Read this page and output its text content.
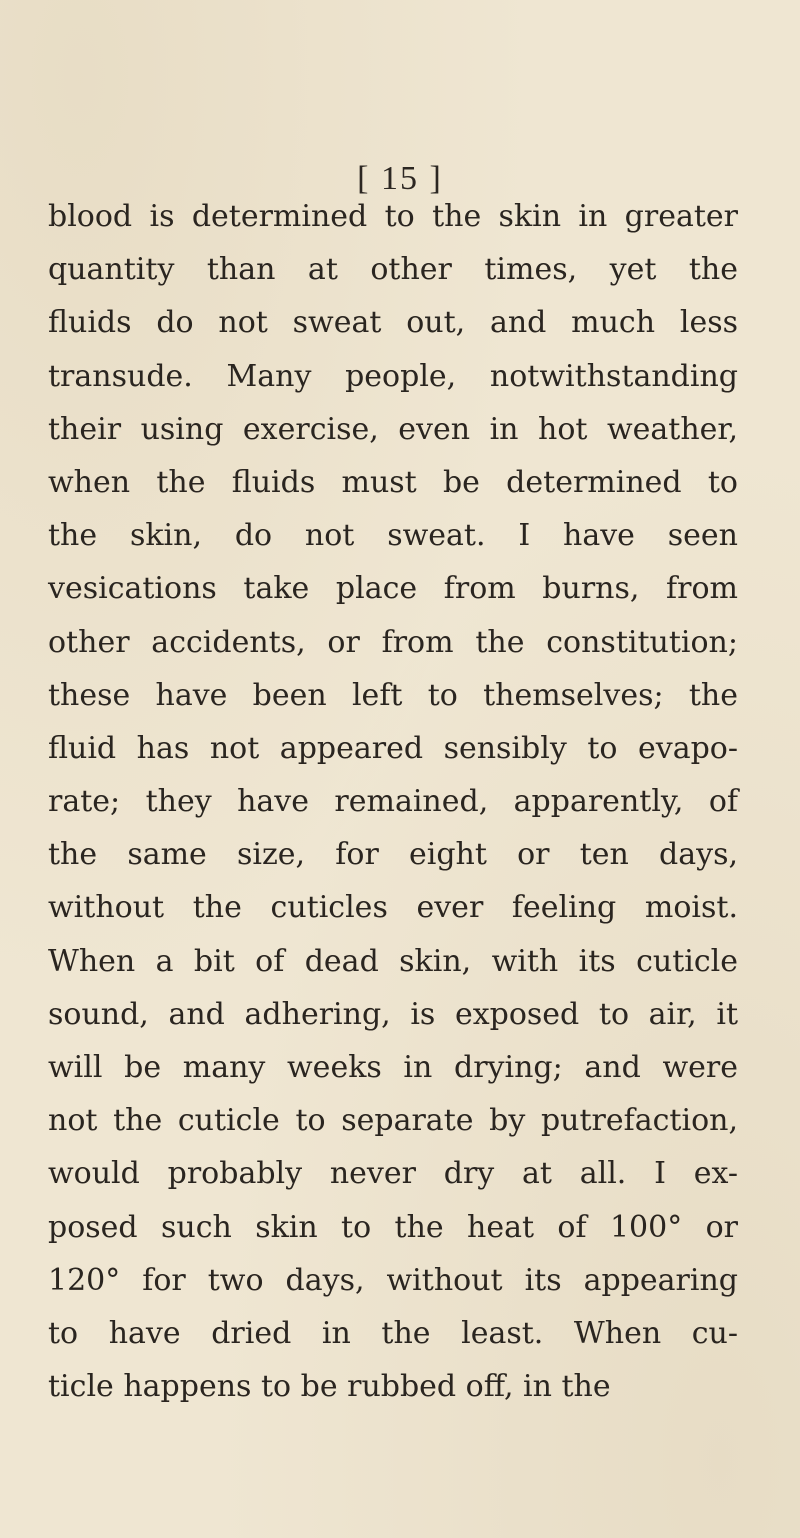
[ 15 ]
blood is determined to the skin in greater
quantity than at other times, yet the
fluids do not sweat out, and much less
transude. Many people, notwithstanding
their using exercise, even in hot weather,
when the fluids must be determined to
the skin, do not sweat. I have seen
vesications take place from burns, from
other accidents, or from the constitution;
these have been left to themselves; the
fluid has not appeared sensibly to evapo-
rate; they have remained, apparently, of
the same size, for eight or ten days,
without the cuticles ever feeling moist.
When a bit of dead skin, with its cuticle
sound, and adhering, is exposed to air, it
will be many weeks in drying; and were
not the cuticle to separate by putrefaction,
would probably never dry at all. I ex-
posed such skin to the heat of 100° or
120° for two days, without its appearing
to have dried in the least. When cu-
ticle happens to be rubbed off, in the
